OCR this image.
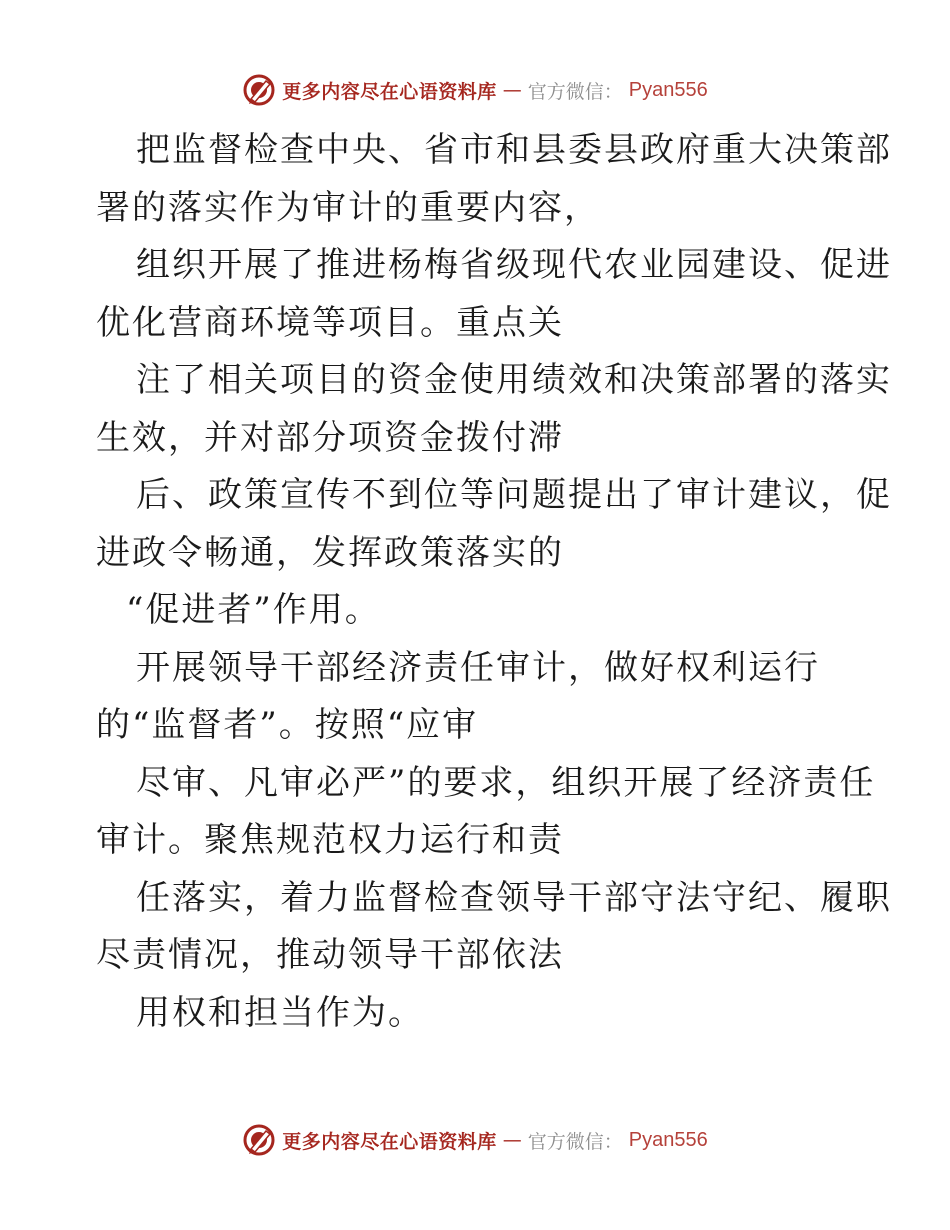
更多内容尽在心语资料库 — 官方微信： Pyan556
把监督检查中央、省市和县委县政府重大决策部
署的落实作为审计的重要内容，
组织开展了推进杨梅省级现代农业园建设、促进
优化营商环境等项目。重点关
注了相关项目的资金使用绩效和决策部署的落实
生效，并对部分项资金拨付滞
后、政策宣传不到位等问题提出了审计建议，促
进政令畅通，发挥政策落实的
“促进者”作用。
开展领导干部经济责任审计，做好权利运行
的“监督者”。按照“应审
尽审、凡审必严”的要求，组织开展了经济责任
审计。聚焦规范权力运行和责
任落实，着力监督检查领导干部守法守纪、履职
尽责情况，推动领导干部依法
用权和担当作为。
更多内容尽在心语资料库 — 官方微信： Pyan556
